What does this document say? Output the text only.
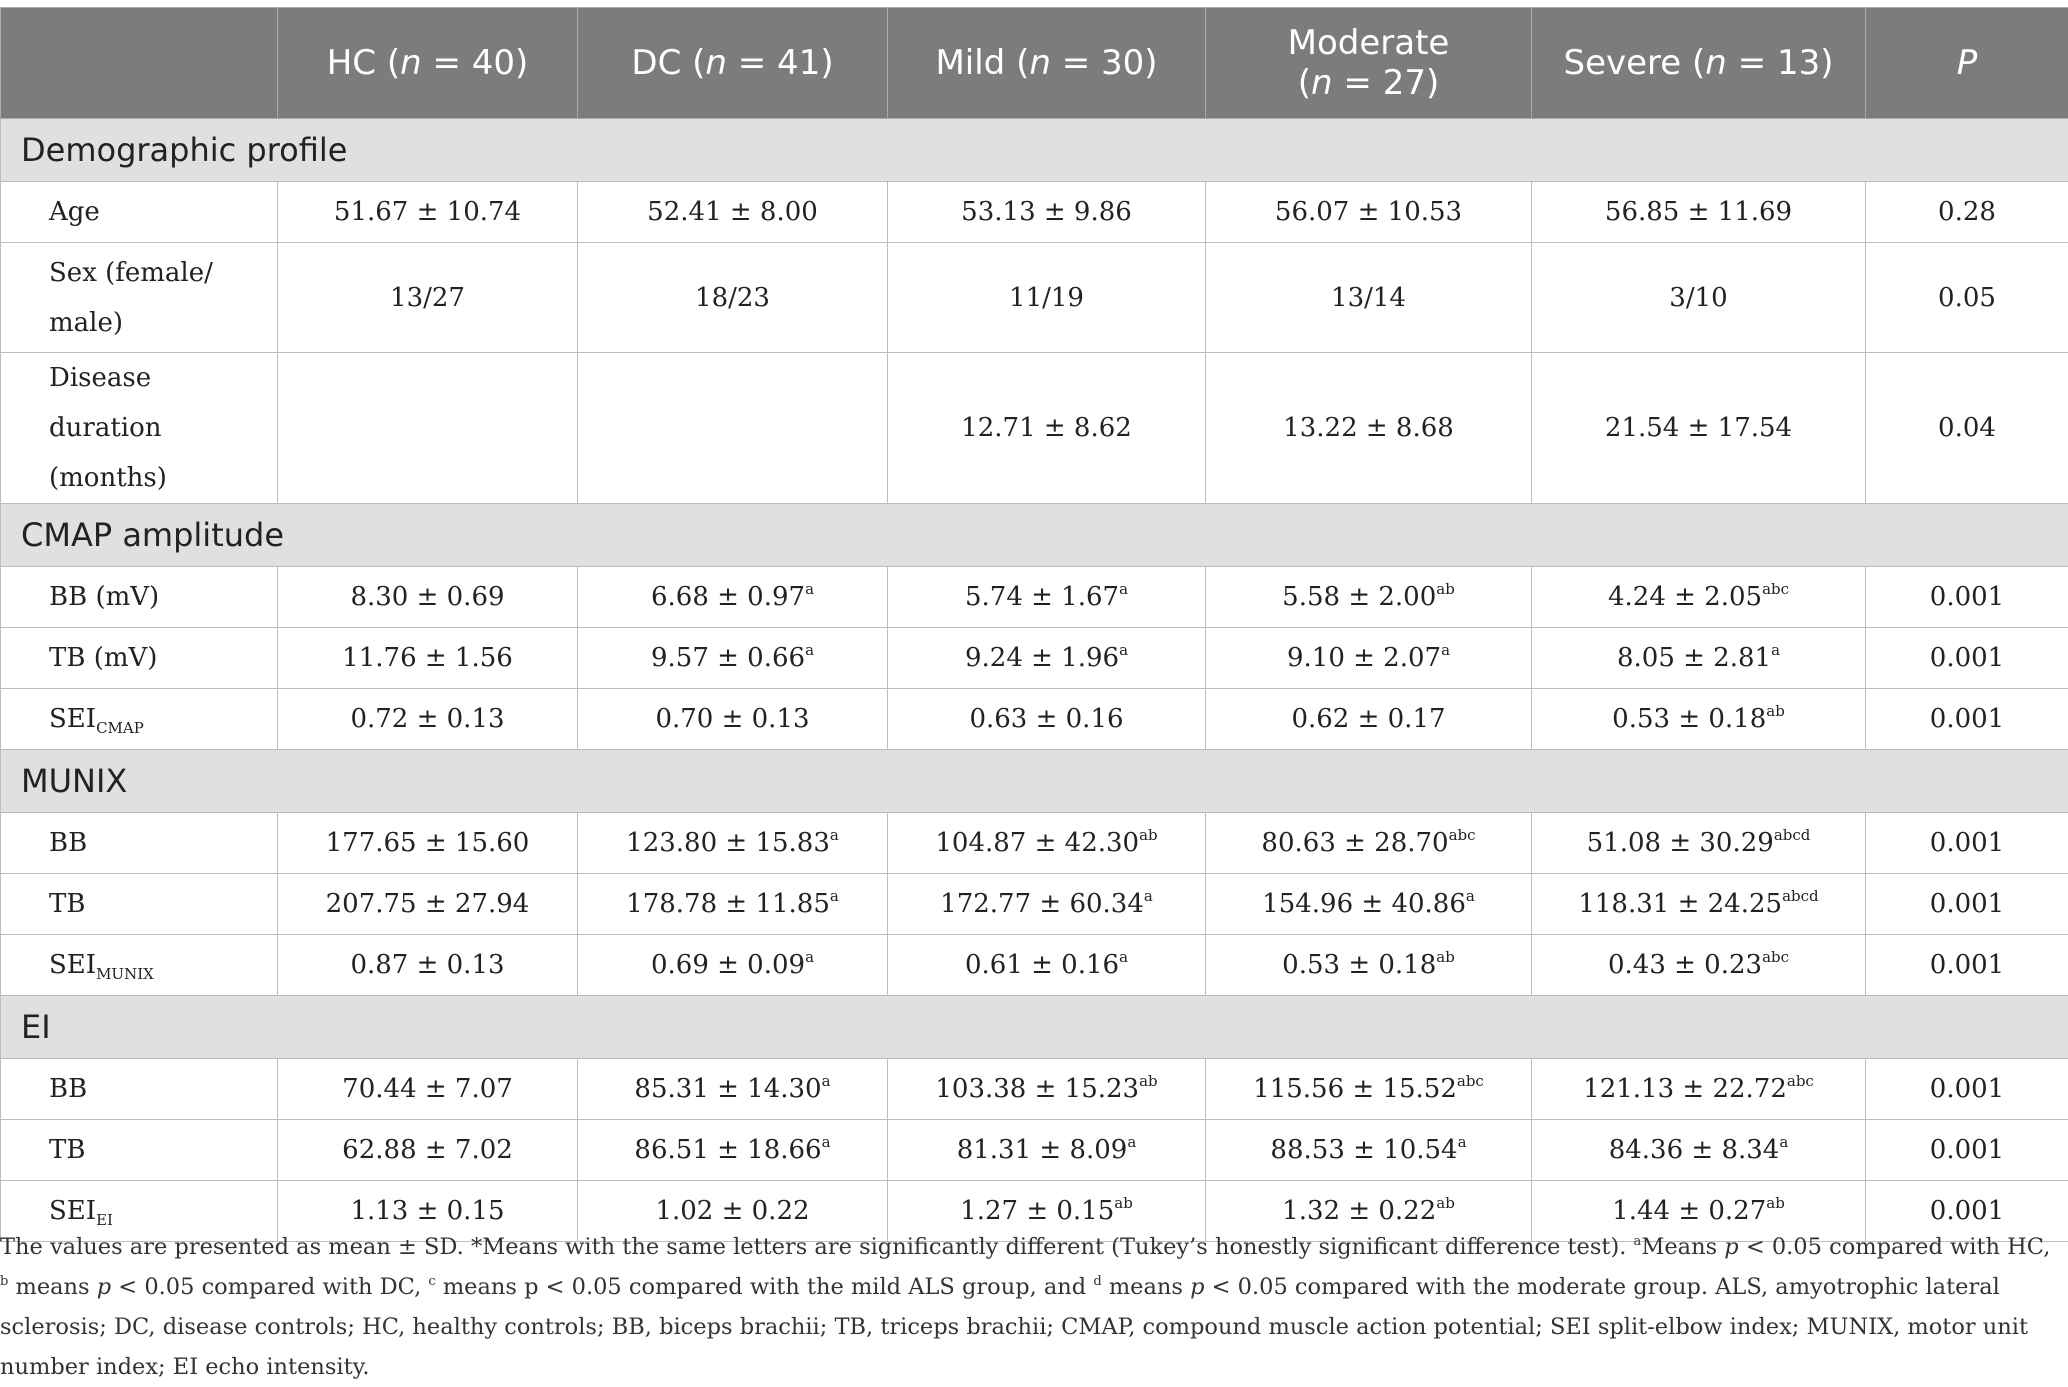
	HC (n = 40)	DC (n = 41)	Mild (n = 30)	Moderate
(n = 27)	Severe (n = 13)	P
Demographic profile						
Age	51.67 ± 10.74	52.41 ± 8.00	53.13 ± 9.86	56.07 ± 10.53	56.85 ± 11.69	0.28
Sex (female/ male)	13/27	18/23	11/19	13/14	3/10	0.05
Disease duration (months)			12.71 ± 8.62	13.22 ± 8.68	21.54 ± 17.54	0.04
CMAP amplitude						
BB (mV)	8.30 ± 0.69	6.68 ± 0.97$^a$	5.74 ± 1.67$^a$	5.58 ± 2.00$^{ab}$	4.24 ± 2.05$^{abc}$	0.001
TB (mV)	11.76 ± 1.56	9.57 ± 0.66$^a$	9.24 ± 1.96$^a$	9.10 ± 2.07$^a$	8.05 ± 2.81$^a$	0.001
$SEI_{CMAP}$	0.72 ± 0.13	0.70 ± 0.13	0.63 ± 0.16	0.62 ± 0.17	0.53 ± 0.18$^{ab}$	0.001
MUNIX						
BB	177.65 ± 15.60	123.80 ± 15.83$^a$	104.87 ± 42.30$^{ab}$	80.63 ± 28.70$^{abc}$	$51.08 \pm 30.29^{abcd}$	0.001
TB	207.75 ± 27.94	178.78 ± 11.85$^a$	172.77 ± 60.34$^a$	154.96 ± 40.86$^a$	$118.31 \pm 24.25^{abcd}$	0.001
$SEI_{MUNIX}$	0.87 ± 0.13	0.69 ± 0.09$^a$	0.61 ± 0.16$^a$	0.53 ± 0.18$^{ab}$	0.43 ± 0.23$^{abc}$	0.001
EI						
BB	70.44 ± 7.07	85.31 ± 14.30$^a$	103.38 ± 15.23$^{ab}$	115.56 ± 15.52$^{abc}$	121.13 ± 22.72$^{abc}$	0.001
TB	62.88 ± 7.02	86.51 ± 18.66$^a$	81.31 ± 8.09$^a$	88.53 ± 10.54$^a$	84.36 ± 8.34$^a$	0.001
$SEI_{EI}$	1.13 ± 0.15	1.02 ± 0.22	1.27 ± 0.15$^{ab}$	1.32 ± 0.22$^{ab}$	1.44 ± 0.27$^{ab}$	0.001
The values are presented as mean ± SD. *Means with the same letters are significantly different (Tukey’s honestly significant difference test). $^a$Means p < 0.05 compared with HC, $^b$ means p < 0.05 compared with DC, $^c$ means p < 0.05 compared with the mild ALS group, and $^d$ means p < 0.05 compared with the moderate group. ALS, amyotrophic lateral sclerosis; DC, disease controls; HC, healthy controls; BB, biceps brachii; TB, triceps brachii; CMAP, compound muscle action potential; SEI split-elbow index; MUNIX, motor unit number index; EI echo intensity.
